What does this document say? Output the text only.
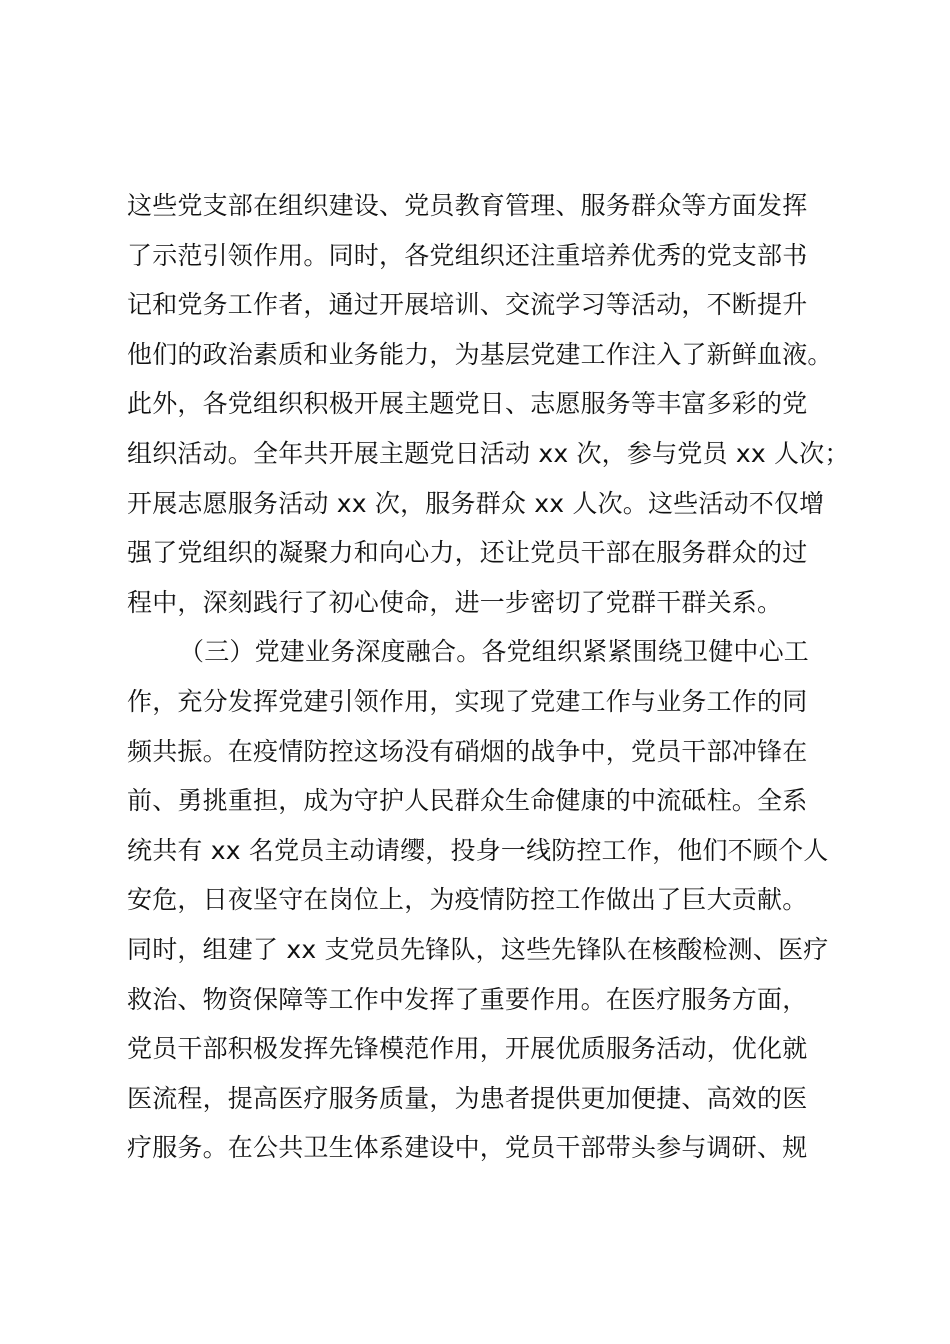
这些党支部在组织建设、党员教育管理、服务群众等方面发挥
了示范引领作用。同时，各党组织还注重培养优秀的党支部书
记和党务工作者，通过开展培训、交流学习等活动，不断提升
他们的政治素质和业务能力，为基层党建工作注入了新鲜血液。
此外，各党组织积极开展主题党日、志愿服务等丰富多彩的党
组织活动。全年共开展主题党日活动 xx 次，参与党员 xx 人次；
开展志愿服务活动 xx 次，服务群众 xx 人次。这些活动不仅增
强了党组织的凝聚力和向心力，还让党员干部在服务群众的过
程中，深刻践行了初心使命，进一步密切了党群干群关系。
（三）党建业务深度融合。各党组织紧紧围绕卫健中心工
作，充分发挥党建引领作用，实现了党建工作与业务工作的同
频共振。在疫情防控这场没有硝烟的战争中，党员干部冲锋在
前、勇挑重担，成为守护人民群众生命健康的中流砥柱。全系
统共有 xx 名党员主动请缨，投身一线防控工作，他们不顾个人
安危，日夜坚守在岗位上，为疫情防控工作做出了巨大贡献。
同时，组建了 xx 支党员先锋队，这些先锋队在核酸检测、医疗
救治、物资保障等工作中发挥了重要作用。在医疗服务方面，
党员干部积极发挥先锋模范作用，开展优质服务活动，优化就
医流程，提高医疗服务质量，为患者提供更加便捷、高效的医
疗服务。在公共卫生体系建设中，党员干部带头参与调研、规
